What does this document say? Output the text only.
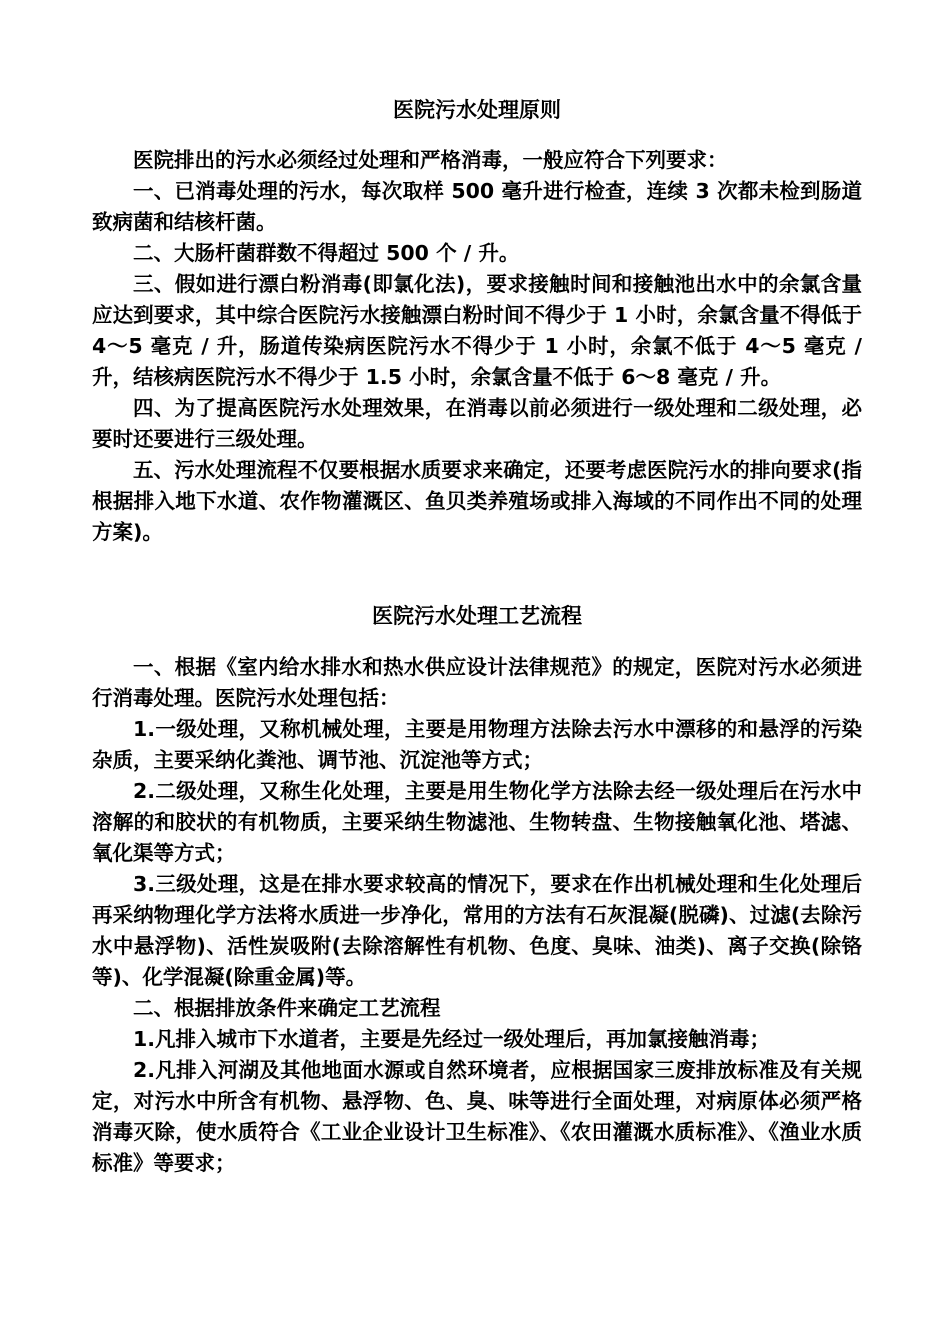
医院污水处理原则

医院排出的污水必须经过处理和严格消毒，一般应符合下列要求：

一、已消毒处理的污水，每次取样 500 毫升进行检查，连续 3 次都未检到肠道致病菌和结核杆菌。

二、大肠杆菌群数不得超过 500 个 / 升。

三、假如进行漂白粉消毒(即氯化法)，要求接触时间和接触池出水中的余氯含量应达到要求，其中综合医院污水接触漂白粉时间不得少于 1 小时，余氯含量不得低于 4～5 毫克 / 升，肠道传染病医院污水不得少于 1 小时，余氯不低于 4～5 毫克 / 升，结核病医院污水不得少于 1.5 小时，余氯含量不低于 6～8 毫克 / 升。

四、为了提高医院污水处理效果，在消毒以前必须进行一级处理和二级处理，必要时还要进行三级处理。

五、污水处理流程不仅要根据水质要求来确定，还要考虑医院污水的排向要求(指根据排入地下水道、农作物灌溉区、鱼贝类养殖场或排入海域的不同作出不同的处理方案)。

医院污水处理工艺流程

一、根据《室内给水排水和热水供应设计法律规范》的规定，医院对污水必须进行消毒处理。医院污水处理包括：

1.一级处理，又称机械处理，主要是用物理方法除去污水中漂移的和悬浮的污染杂质，主要采纳化粪池、调节池、沉淀池等方式；

2.二级处理，又称生化处理，主要是用生物化学方法除去经一级处理后在污水中溶解的和胶状的有机物质，主要采纳生物滤池、生物转盘、生物接触氧化池、塔滤、氧化渠等方式；

3.三级处理，这是在排水要求较高的情况下，要求在作出机械处理和生化处理后再采纳物理化学方法将水质进一步净化，常用的方法有石灰混凝(脱磷)、过滤(去除污水中悬浮物)、活性炭吸附(去除溶解性有机物、色度、臭味、油类)、离子交换(除铬等)、化学混凝(除重金属)等。

二、根据排放条件来确定工艺流程

1.凡排入城市下水道者，主要是先经过一级处理后，再加氯接触消毒；

2.凡排入河湖及其他地面水源或自然环境者，应根据国家三废排放标准及有关规定，对污水中所含有机物、悬浮物、色、臭、味等进行全面处理，对病原体必须严格消毒灭除，使水质符合《工业企业设计卫生标准》、《农田灌溉水质标准》、《渔业水质标准》等要求；
